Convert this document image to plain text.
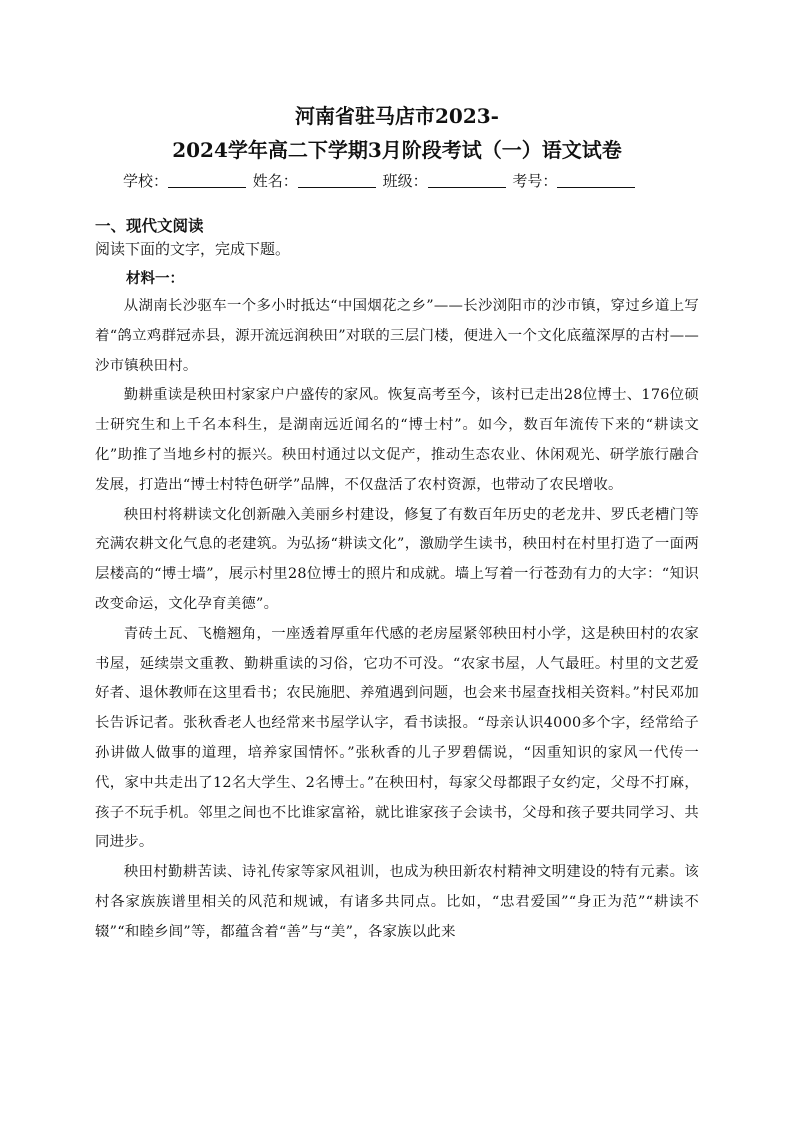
河南省驻马店市2023-
2024学年高二下学期3月阶段考试（一）语文试卷
学校：	姓名：	班级：	考号：
一、现代文阅读
阅读下面的文字，完成下题。
材料一：

从湖南长沙驱车一个多小时抵达“中国烟花之乡”——长沙浏阳市的沙市镇，穿过乡道上写着“鸽立鸡群冠赤县，源开流远润秧田”对联的三层门楼，便进入一个文化底蕴深厚的古村——沙市镇秧田村。

勤耕重读是秧田村家家户户盛传的家风。恢复高考至今，该村已走出28位博士、176位硕士研究生和上千名本科生，是湖南远近闻名的“博士村”。如今，数百年流传下来的“耕读文化”助推了当地乡村的振兴。秧田村通过以文促产，推动生态农业、休闲观光、研学旅行融合发展，打造出“博士村特色研学”品牌，不仅盘活了农村资源，也带动了农民增收。

秧田村将耕读文化创新融入美丽乡村建设，修复了有数百年历史的老龙井、罗氏老槽门等充满农耕文化气息的老建筑。为弘扬“耕读文化”，激励学生读书，秧田村在村里打造了一面两层楼高的“博士墙”，展示村里28位博士的照片和成就。墙上写着一行苍劲有力的大字：“知识改变命运，文化孕育美德”。

青砖土瓦、飞檐翘角，一座透着厚重年代感的老房屋紧邻秧田村小学，这是秧田村的农家书屋，延续崇文重教、勤耕重读的习俗，它功不可没。“农家书屋，人气最旺。村里的文艺爱好者、退休教师在这里看书；农民施肥、养殖遇到问题，也会来书屋查找相关资料。”村民邓加长告诉记者。张秋香老人也经常来书屋学认字，看书读报。“母亲认识4000多个字，经常给子孙讲做人做事的道理，培养家国情怀。”张秋香的儿子罗碧儒说，“因重知识的家风一代传一代，家中共走出了12名大学生、2名博士。”在秧田村，每家父母都跟子女约定，父母不打麻，孩子不玩手机。邻里之间也不比谁家富裕，就比谁家孩子会读书，父母和孩子要共同学习、共同进步。

秧田村勤耕苦读、诗礼传家等家风祖训，也成为秧田新农村精神文明建设的特有元素。该村各家族族谱里相关的风范和规诫，有诸多共同点。比如，“忠君爱国”“身正为范”“耕读不辍”“和睦乡闾”等，都蕴含着“善”与“美”，各家族以此来
